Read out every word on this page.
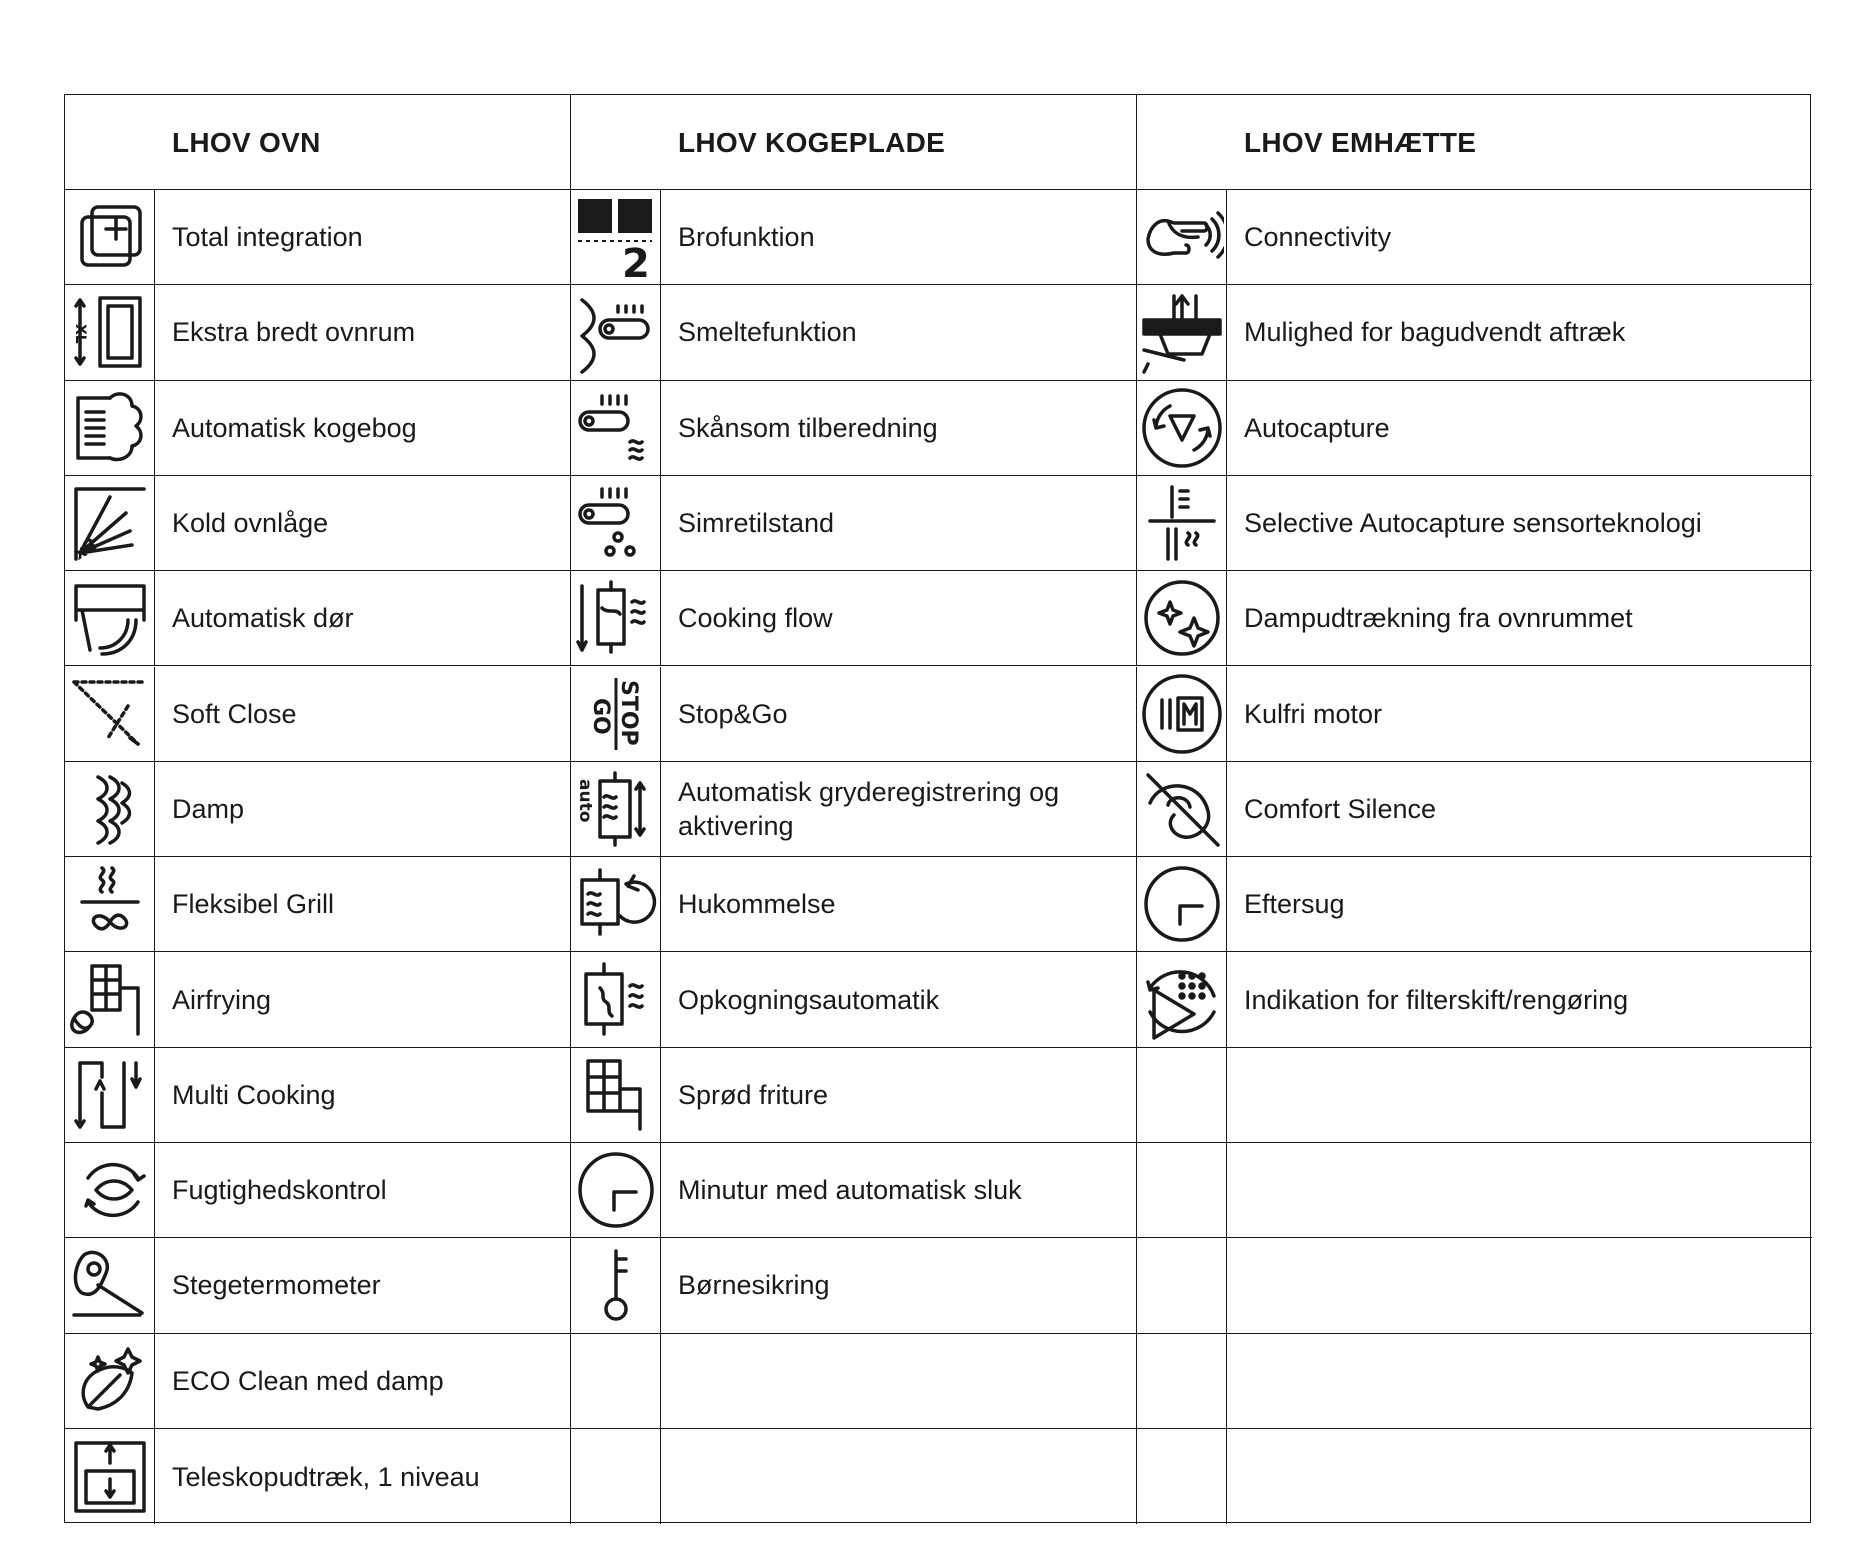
LHOV OVN
Total integration
XL	Ekstra bredt ovnrum
Automatisk kogebog
x3
Kold ovnlåge
Automatisk dør
Soft Close
Damp
Fleksibel Grill
Airfrying
Multi Cooking
Fugtighedskontrol
Stegetermometer
ECO Clean med damp
Teleskopudtræk, 1 niveau
LHOV KOGEPLADE
2
Brofunktion
Smeltefunktion
Skånsom tilberedning
Simretilstand
Cooking flow
STOP
GO Stop&Go
auto	Automatisk gryderegistrering og aktivering
Hukommelse
Opkogningsautomatik
Sprød friture
Minutur med automatisk sluk
Børnesikring
LHOV EMHÆTTE
Connectivity
Mulighed for bagudvendt aftræk
Autocapture
Selective Autocapture sensorteknologi
Dampudtrækning fra ovnrummet
Kulfri motor
Comfort Silence
Eftersug
Indikation for filterskift/rengøring
